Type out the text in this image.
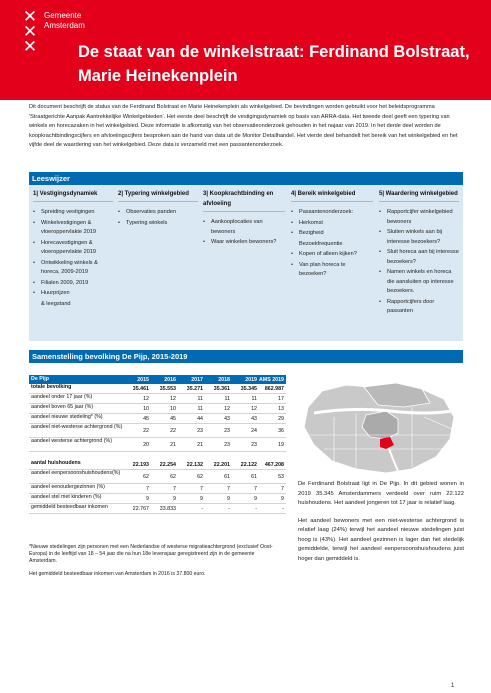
✕
✕
✕
Gemeente
Amsterdam
De staat van de winkelstraat: Ferdinand Bolstraat,
Marie Heinekenplein

Dit document beschrijft de status van de Ferdinand Bolstraat en Marie Heinekenplein als winkelgebied. De bevindingen worden gebruikt voor het beleidsprogramma 'Straatgerichte Aanpak Aantrekkelijke Winkelgebieden'. Het eerste deel beschrijft de vestigingsdynamiek op basis van ARRA-data. Het tweede deel geeft een typering van winkels en horecazaken in het winkelgebied. Deze informatie is afkomstig van het observatieonderzoek gehouden in het najaar van 2019. In het derde deel worden de koopkrachtbindingscijfers en afvloeiingscijfers besproken aan de hand van data uit de Monitor Detailhandel. Het vierde deel behandelt het bereik van het winkelgebied en het vijfde deel de waardering van het winkelgebied. Deze data is verzameld met een passantenonderzoek.

Leeswijzer
1| Vestigingsdynamiek
• Spreiding vestigingen
• Winkelvestigingen & vloeroppervlakte 2019
• Horecavestigingen & vloeroppervlakte 2019
• Ontwikkeling winkels & horeca, 2009-2019
• Filialen 2009, 2019
• Huurprijzen
& leegstand
2| Typering winkelgebied
• Observaties panden
• Typering winkels
3| Koopkrachtbinding en afvloeiing
• Aankooplocaties van bewoners
• Waar winkelen bewoners?
4| Bereik winkelgebied
• Passantenonderzoek:
• Herkomst
• Bezigheid
Bezoekfrequentie
• Kopen of alleen kijken?
• Van plan horeca te bezoeken?
5| Waardering winkelgebied
• Rapportcijfer winkelgebied bewoners
• Sluiten winkels aan bij interesse bezoekers?
• Sluit horeca aan bij interesse bezoekers?
• Namen winkels en horeca die aansluiten op interesse bezoekers.
• Rapportcijfers door passanten
Samenstelling bevolking De Pijp, 2015-2019
De Pijp	2015	2016	2017	2018	2019 AMS 2019
totale bevolking	35.461	35.553	35.271	35.361	35.345	862.987
aandeel onder 17 jaar (%)	12	12	11	11	11	17
aandeel boven 65 jaar (%)	10	10	11	12	12	13
aandeel nieuwe stedeling* (%)	45	45	44	43	43	29
aandeel niet-westerse achtergrond (%)
22	22	23	23	24	36
aandeel westerse achtergrond (%)
20	21	21	23	23	19
aantal huishoudens	22.193	22.254	22.132	22.201	22.122	467.208
aandeel eenpersoonshuishoudens(%)
62	62	62	61	61	53
aandeel eenoudergezinnen (%)	7	7	7	7	7	7
aandeel stel met kinderen (%)	9	9	9	9	9	9
gemiddeld besteedbaar inkomen	22.767	33.833	-	-	-	-

*Nieuwe stedelingen zijn personen met een Nederlandse of westerse migratieachtergrond (exclusief Oost-Europa) in de leeftijd van 18 – 54 jaar die na hun 18e levensjaar geregistreerd zijn in de gemeente Amsterdam.

Het gemiddeld besteedbaar inkomen van Amsterdam in 2016 is 37.800 euro.

De Ferdinand Bolstraat ligt in De Pijp. In dit gebied wonen in 2019 35.345 Amsterdammers verdeeld over ruim 22.122 huishoudens. Het aandeel jongeren tot 17 jaar is relatief laag.

Het aandeel bewoners met een niet-westerse achtergrond is relatief laag (24%) terwijl het aandeel nieuwe stedelingen juist hoog is (43%). Het aandeel gezinnen is lager dan het stedelijk gemiddelde, terwijl het aandeel eenpersoonshuishoudens juist hoger dan gemiddeld is.

1
